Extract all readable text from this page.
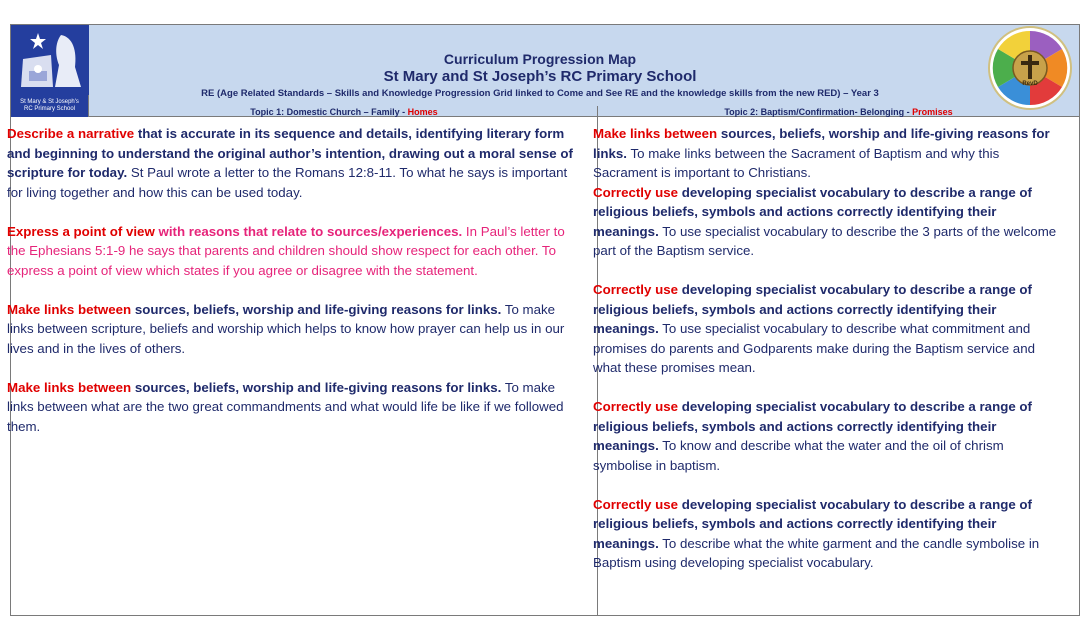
St Mary & St Joseph's
RC Primary School
Curriculum Progression Map
St Mary and St Joseph’s RC Primary School
RE (Age Related Standards – Skills and Knowledge Progression Grid linked to Come and See RE and the knowledge skills from the new RED) – Year 3
RevD
Topic 1: Domestic Church – Family - Homes	Topic 2: Baptism/Confirmation- Belonging - Promises

Describe a narrative that is accurate in its sequence and details, identifying literary form and beginning to understand the original author’s intention, drawing out a moral sense of scripture for today. St Paul wrote a letter to the Romans 12:8-11. To what he says is important for living together and how this can be used today.

Express a point of view with reasons that relate to sources/experiences. In Paul’s letter to the Ephesians 5:1-9 he says that parents and children should show respect for each other. To express a point of view which states if you agree or disagree with the statement.

Make links between sources, beliefs, worship and life-giving reasons for links. To make links between scripture, beliefs and worship which helps to know how prayer can help us in our lives and in the lives of others.

Make links between sources, beliefs, worship and life-giving reasons for links. To make links between what are the two great commandments and what would life be like if we followed them.

Make links between sources, beliefs, worship and life-giving reasons for links. To make links between the Sacrament of Baptism and why this Sacrament is important to Christians.

Correctly use developing specialist vocabulary to describe a range of religious beliefs, symbols and actions correctly identifying their meanings. To use specialist vocabulary to describe the 3 parts of the welcome part of the Baptism service.

Correctly use developing specialist vocabulary to describe a range of religious beliefs, symbols and actions correctly identifying their meanings. To use specialist vocabulary to describe what commitment and promises do parents and Godparents make during the Baptism service and what these promises mean.

Correctly use developing specialist vocabulary to describe a range of religious beliefs, symbols and actions correctly identifying their meanings. To know and describe what the water and the oil of chrism symbolise in baptism.

Correctly use developing specialist vocabulary to describe a range of religious beliefs, symbols and actions correctly identifying their meanings. To describe what the white garment and the candle symbolise in Baptism using developing specialist vocabulary.
